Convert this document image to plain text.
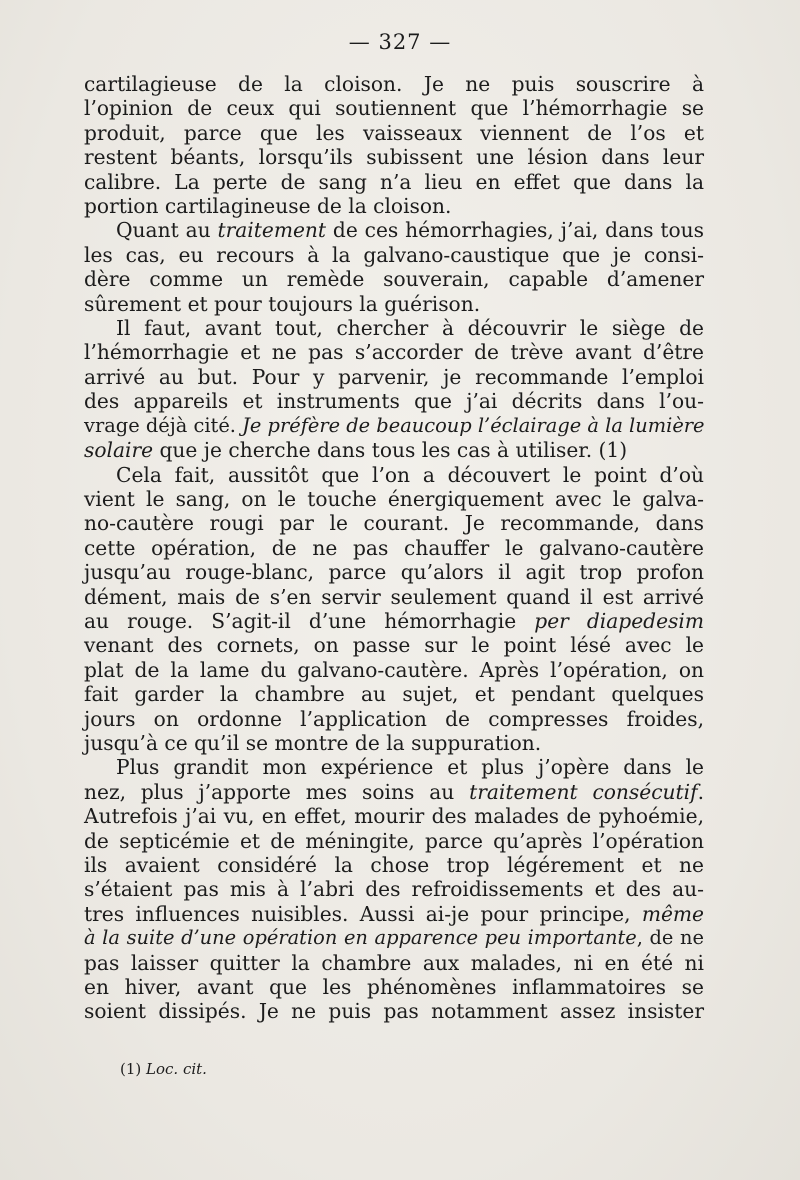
— 327 —
cartilagieuse de la cloison. Je ne puis souscrire à
l’opinion de ceux qui soutiennent que l’hémorrhagie se
produit, parce que les vaisseaux viennent de l’os et
restent béants, lorsqu’ils subissent une lésion dans leur
calibre. La perte de sang n’a lieu en effet que dans la
portion cartilagineuse de la cloison.
Quant au traitement de ces hémorrhagies, j’ai, dans tous
les cas, eu recours à la galvano-caustique que je consi-
dère comme un remède souverain, capable d’amener
sûrement et pour toujours la guérison.
Il faut, avant tout, chercher à découvrir le siège de
l’hémorrhagie et ne pas s’accorder de trève avant d’être
arrivé au but. Pour y parvenir, je recommande l’emploi
des appareils et instruments que j’ai décrits dans l’ou-
vrage déjà cité. Je préfère de beaucoup l’éclairage à la lumière
solaire que je cherche dans tous les cas à utiliser. (1)
Cela fait, aussitôt que l’on a découvert le point d’où
vient le sang, on le touche énergiquement avec le galva-
no-cautère rougi par le courant. Je recommande, dans
cette opération, de ne pas chauffer le galvano-cautère
jusqu’au rouge-blanc, parce qu’alors il agit trop profon
dément, mais de s’en servir seulement quand il est arrivé
au rouge. S’agit-il d’une hémorrhagie per diapedesim
venant des cornets, on passe sur le point lésé avec le
plat de la lame du galvano-cautère. Après l’opération, on
fait garder la chambre au sujet, et pendant quelques
jours on ordonne l’application de compresses froides,
jusqu’à ce qu’il se montre de la suppuration.
Plus grandit mon expérience et plus j’opère dans le
nez, plus j’apporte mes soins au traitement consécutif.
Autrefois j’ai vu, en effet, mourir des malades de pyhoémie,
de septicémie et de méningite, parce qu’après l’opération
ils avaient considéré la chose trop légérement et ne
s’étaient pas mis à l’abri des refroidissements et des au-
tres influences nuisibles. Aussi ai-je pour principe, même
à la suite d’une opération en apparence peu importante, de ne
pas laisser quitter la chambre aux malades, ni en été ni
en hiver, avant que les phénomènes inflammatoires se
soient dissipés. Je ne puis pas notamment assez insister
(1) Loc. cit.
